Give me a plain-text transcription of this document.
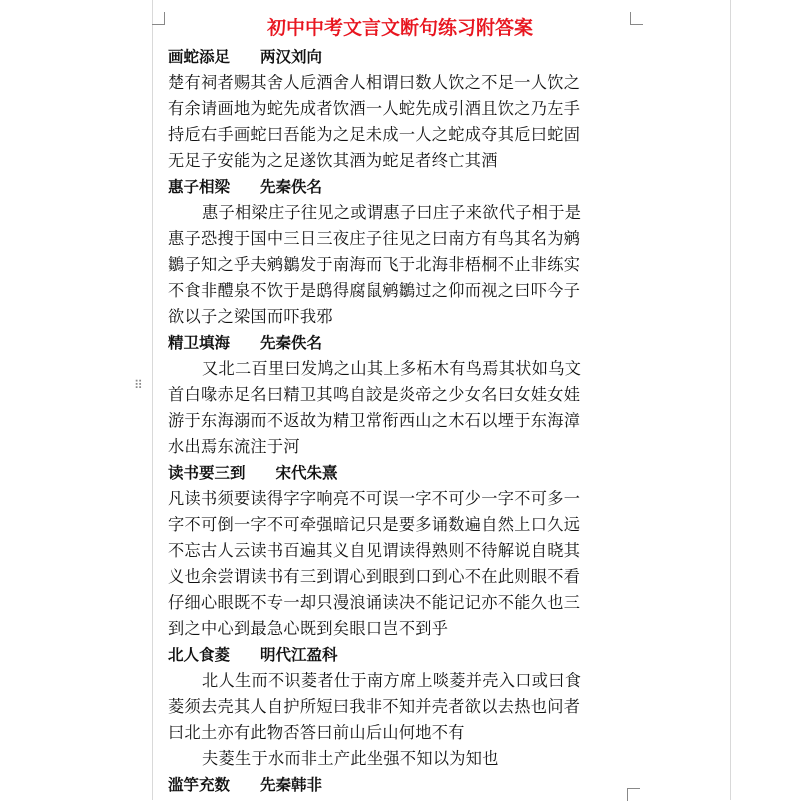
⠿
初中中考文言文断句练习附答案
画蛇添足 两汉刘向
楚有祠者赐其舍人卮酒舍人相谓曰数人饮之不足一人饮之
有余请画地为蛇先成者饮酒一人蛇先成引酒且饮之乃左手
持卮右手画蛇曰吾能为之足未成一人之蛇成夺其卮曰蛇固
无足子安能为之足遂饮其酒为蛇足者终亡其酒
惠子相梁 先秦佚名
惠子相梁庄子往见之或谓惠子曰庄子来欲代子相于是
惠子恐搜于国中三日三夜庄子往见之曰南方有鸟其名为鹓
鶵子知之乎夫鹓鶵发于南海而飞于北海非梧桐不止非练实
不食非醴泉不饮于是鸱得腐鼠鹓鶵过之仰而视之曰吓今子
欲以子之梁国而吓我邪
精卫填海 先秦佚名
又北二百里曰发鸠之山其上多柘木有鸟焉其状如乌文
首白喙赤足名曰精卫其鸣自詨是炎帝之少女名曰女娃女娃
游于东海溺而不返故为精卫常衔西山之木石以堙于东海漳
水出焉东流注于河
读书要三到 宋代朱熹
凡读书须要读得字字响亮不可误一字不可少一字不可多一
字不可倒一字不可牵强暗记只是要多诵数遍自然上口久远
不忘古人云读书百遍其义自见谓读得熟则不待解说自晓其
义也余尝谓读书有三到谓心到眼到口到心不在此则眼不看
仔细心眼既不专一却只漫浪诵读决不能记记亦不能久也三
到之中心到最急心既到矣眼口岂不到乎
北人食菱 明代江盈科
北人生而不识菱者仕于南方席上啖菱并壳入口或曰食
菱须去壳其人自护所短曰我非不知并壳者欲以去热也问者
曰北土亦有此物否答曰前山后山何地不有
夫菱生于水而非土产此坐强不知以为知也
滥竽充数 先秦韩非
